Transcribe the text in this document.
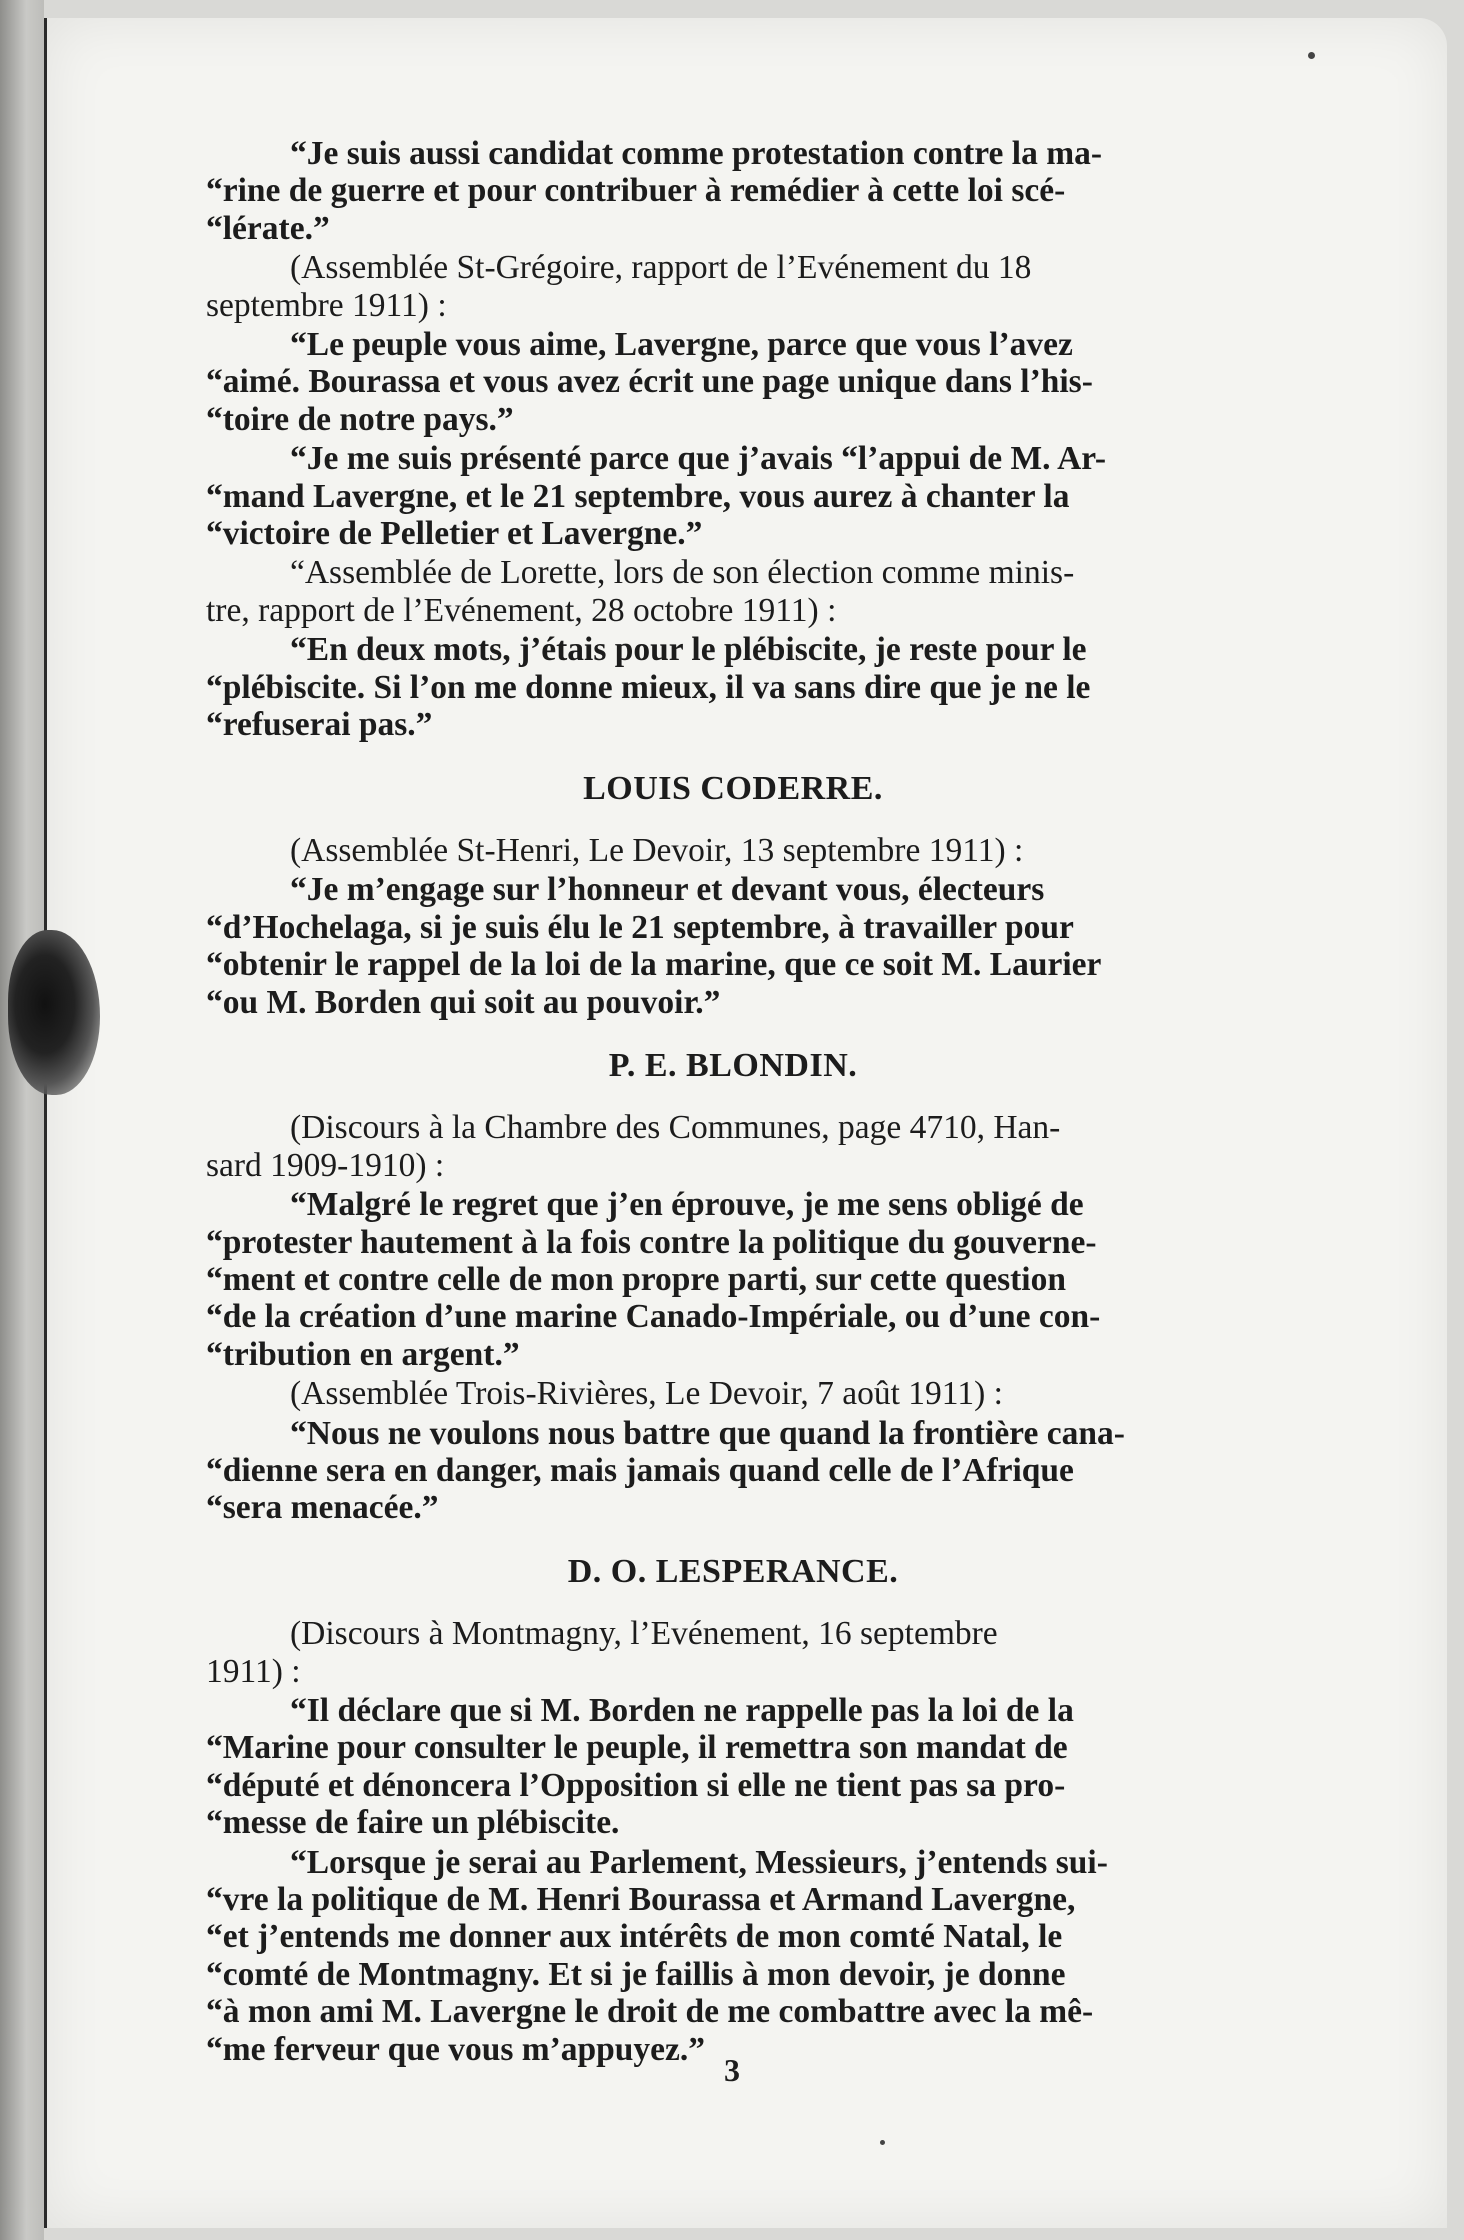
“Je suis aussi candidat comme protestation contre la ma-

“rine de guerre et pour contribuer à remédier à cette loi scé-

“lérate.”

(Assemblée St-Grégoire, rapport de l’Evénement du 18

septembre 1911) :

“Le peuple vous aime, Lavergne, parce que vous l’avez

“aimé. Bourassa et vous avez écrit une page unique dans l’his-

“toire de notre pays.”

“Je me suis présenté parce que j’avais “l’appui de M. Ar-

“mand Lavergne, et le 21 septembre, vous aurez à chanter la

“victoire de Pelletier et Lavergne.”

“Assemblée de Lorette, lors de son élection comme minis-

tre, rapport de l’Evénement, 28 octobre 1911) :

“En deux mots, j’étais pour le plébiscite, je reste pour le

“plébiscite. Si l’on me donne mieux, il va sans dire que je ne le

“refuserai pas.”

LOUIS CODERRE.

(Assemblée St-Henri, Le Devoir, 13 septembre 1911) :

“Je m’engage sur l’honneur et devant vous, électeurs

“d’Hochelaga, si je suis élu le 21 septembre, à travailler pour

“obtenir le rappel de la loi de la marine, que ce soit M. Laurier

“ou M. Borden qui soit au pouvoir.”

P. E. BLONDIN.

(Discours à la Chambre des Communes, page 4710, Han-

sard 1909-1910) :

“Malgré le regret que j’en éprouve, je me sens obligé de

“protester hautement à la fois contre la politique du gouverne-

“ment et contre celle de mon propre parti, sur cette question

“de la création d’une marine Canado-Impériale, ou d’une con-

“tribution en argent.”

(Assemblée Trois-Rivières, Le Devoir, 7 août 1911) :

“Nous ne voulons nous battre que quand la frontière cana-

“dienne sera en danger, mais jamais quand celle de l’Afrique

“sera menacée.”

D. O. LESPERANCE.

(Discours à Montmagny, l’Evénement, 16 septembre

1911) :

“Il déclare que si M. Borden ne rappelle pas la loi de la

“Marine pour consulter le peuple, il remettra son mandat de

“député et dénoncera l’Opposition si elle ne tient pas sa pro-

“messe de faire un plébiscite.

“Lorsque je serai au Parlement, Messieurs, j’entends sui-

“vre la politique de M. Henri Bourassa et Armand Lavergne,

“et j’entends me donner aux intérêts de mon comté Natal, le

“comté de Montmagny. Et si je faillis à mon devoir, je donne

“à mon ami M. Lavergne le droit de me combattre avec la mê-

“me ferveur que vous m’appuyez.”

3
